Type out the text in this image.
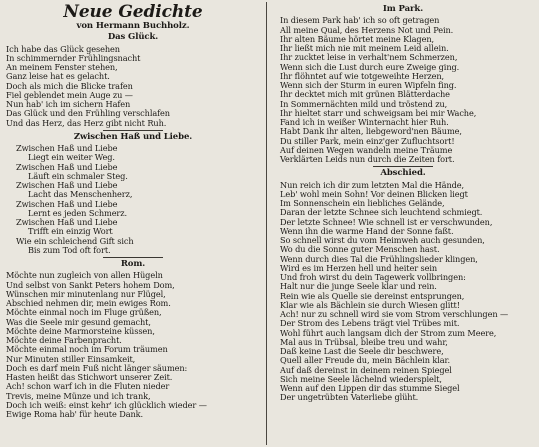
Neue Gedichte
von Hermann Buchholz.
Das Glück.
Ich habe das Glück gesehen
In schimmernder Frühlingsnacht
An meinem Fenster stehen,
Ganz leise hat es gelacht.
Doch als mich die Blicke trafen
Fiel geblendet mein Auge zu —
Nun hab' ich im sichern Hafen
Das Glück und den Frühling verschlafen
Und das Herz, das Herz gibt nicht Ruh.
Zwischen Haß und Liebe.
Zwischen Haß und Liebe
Liegt ein weiter Weg.
Zwischen Haß und Liebe
Läuft ein schmaler Steg.
Zwischen Haß und Liebe
Lacht das Menschenherz,
Zwischen Haß und Liebe
Lernt es jeden Schmerz.
Zwischen Haß und Liebe
Trifft ein einzig Wort
Wie ein schleichend Gift sich
Bis zum Tod oft fort.
Rom.
Möchte nun zugleich von allen Hügeln
Und selbst von Sankt Peters hohem Dom,
Wünschen mir minutenlang nur Flügel,
Abschied nehmen dir, mein ewiges Rom.
Möchte einmal noch im Fluge grüßen,
Was die Seele mir gesund gemacht,
Möchte deine Marmorsteine küssen,
Möchte deine Farbenpracht.
Möchte einmal noch im Forum träumen
Nur Minuten stiller Einsamkeit,
Doch es darf mein Fuß nicht länger säumen:
Hasten heißt das Stichwort unserer Zeit.
Ach! schon warf ich in die Fluten nieder
Trevis, meine Münze und ich trank,
Doch ich weiß: einst kehr' ich glücklich wieder —
Ewige Roma hab' für heute Dank.
Im Park.
In diesem Park hab' ich so oft getragen
All meine Qual, des Herzens Not und Pein.
Ihr alten Bäume hörtet meine Klagen,
Ihr ließt mich nie mit meinem Leid allein.
Ihr zucktet leise in verhalt'nem Schmerzen,
Wenn sich die Lust durch eure Zweige ging.
Ihr flöhntet auf wie totgeweihte Herzen,
Wenn sich der Sturm in euren Wipfeln fing.
Ihr decktet mich mit grünen Blätterdache
In Sommernächten mild und tröstend zu,
Ihr hieltet starr und schweigsam bei mir Wache,
Fand ich in weißer Winternacht hier Ruh.
Habt Dank ihr alten, liebgeword'nen Bäume,
Du stiller Park, mein einz'ger Zufluchtsort!
Auf deinen Wegen wandeln meine Träume
Verklärten Leids nun durch die Zeiten fort.
Abschied.
Nun reich ich dir zum letzten Mal die Hände,
Leb' wohl mein Sohn! Vor deinen Blicken liegt
Im Sonnenschein ein liebliches Gelände,
Daran der letzte Schnee sich leuchtend schmiegt.
Der letzte Schnee! Wie schnell ist er verschwunden,
Wenn ihn die warme Hand der Sonne faßt.
So schnell wirst du vom Heimweh auch gesunden,
Wo du die Sonne guter Menschen hast.
Wenn durch dies Tal die Frühlingslieder klingen,
Wird es im Herzen hell und heiter sein
Und froh wirst du dein Tagewerk vollbringen:
Halt nur die junge Seele klar und rein.
Rein wie als Quelle sie dereinst entsprungen,
Klar wie als Bächlein sie durch Wiesen glitt!
Ach! nur zu schnell wird sie vom Strom verschlungen —
Der Strom des Lebens trägt viel Trübes mit.
Wohl führt auch langsam dich der Strom zum Meere,
Mal aus in Trübsal, bleibe treu und wahr,
Daß keine Last die Seele dir beschwere,
Quell aller Freude du, mein Bächlein klar.
Auf daß dereinst in deinem reinen Spiegel
Sich meine Seele lächelnd wiederspielt,
Wenn auf den Lippen dir das stumme Siegel
Der ungetrübten Vaterliebe glüht.
